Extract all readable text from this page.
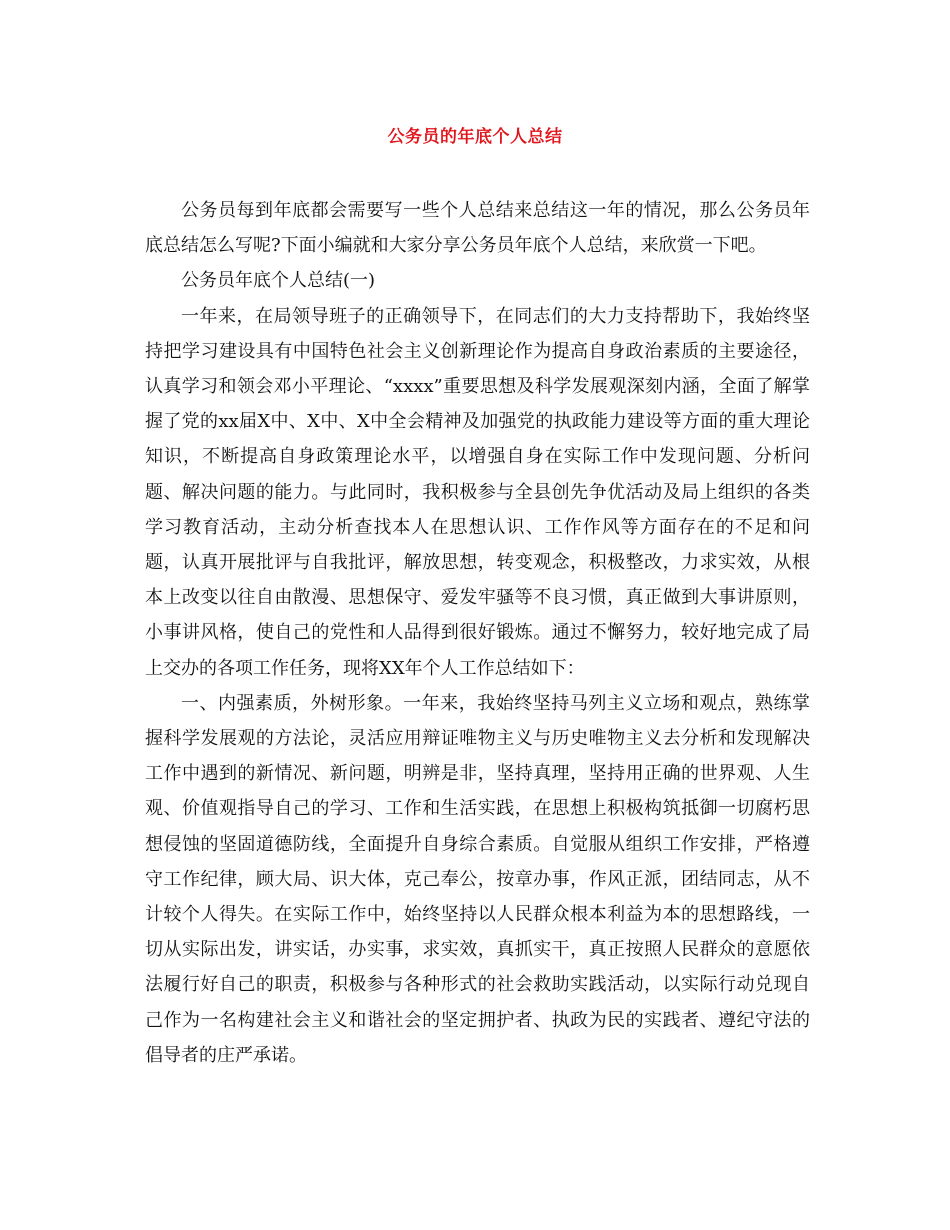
公务员的年底个人总结

公务员每到年底都会需要写一些个人总结来总结这一年的情况，那么公务员年底总结怎么写呢?下面小编就和大家分享公务员年底个人总结，来欣赏一下吧。

公务员年底个人总结(一)

一年来，在局领导班子的正确领导下，在同志们的大力支持帮助下，我始终坚持把学习建设具有中国特色社会主义创新理论作为提高自身政治素质的主要途径，认真学习和领会邓小平理论、“xxxx”重要思想及科学发展观深刻内涵，全面了解掌握了党的xx届X中、X中、X中全会精神及加强党的执政能力建设等方面的重大理论知识，不断提高自身政策理论水平，以增强自身在实际工作中发现问题、分析问题、解决问题的能力。与此同时，我积极参与全县创先争优活动及局上组织的各类学习教育活动，主动分析查找本人在思想认识、工作作风等方面存在的不足和问题，认真开展批评与自我批评，解放思想，转变观念，积极整改，力求实效，从根本上改变以往自由散漫、思想保守、爱发牢骚等不良习惯，真正做到大事讲原则，小事讲风格，使自己的党性和人品得到很好锻炼。通过不懈努力，较好地完成了局上交办的各项工作任务，现将XX年个人工作总结如下：

一、内强素质，外树形象。一年来，我始终坚持马列主义立场和观点，熟练掌握科学发展观的方法论，灵活应用辩证唯物主义与历史唯物主义去分析和发现解决工作中遇到的新情况、新问题，明辨是非，坚持真理，坚持用正确的世界观、人生观、价值观指导自己的学习、工作和生活实践，在思想上积极构筑抵御一切腐朽思想侵蚀的坚固道德防线，全面提升自身综合素质。自觉服从组织工作安排，严格遵守工作纪律，顾大局、识大体，克己奉公，按章办事，作风正派，团结同志，从不计较个人得失。在实际工作中，始终坚持以人民群众根本利益为本的思想路线，一切从实际出发，讲实话，办实事，求实效，真抓实干，真正按照人民群众的意愿依法履行好自己的职责，积极参与各种形式的社会救助实践活动，以实际行动兑现自己作为一名构建社会主义和谐社会的坚定拥护者、执政为民的实践者、遵纪守法的倡导者的庄严承诺。
